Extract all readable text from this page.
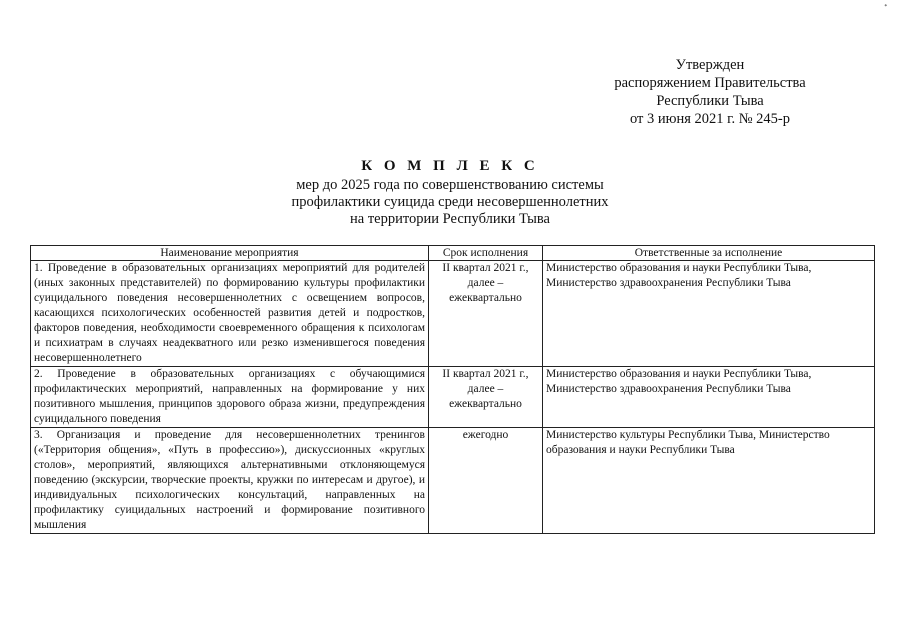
ᐩ
Утвержден
распоряжением Правительства
Республики Тыва
от 3 июня 2021 г. № 245-р
К О М П Л Е К С
мер до 2025 года по совершенствованию системы
профилактики суицида среди несовершеннолетних
на территории Республики Тыва
Наименование мероприятия	Срок исполнения	Ответственные за исполнение
1. Проведение в образовательных организациях мероприятий для родителей (иных законных представителей) по формированию культуры профилактики суицидального поведения несовершеннолетних с освещением вопросов, касающихся психологических особенностей развития детей и подростков, факторов поведения, необходимости своевременного обращения к психологам и психиатрам в случаях неадекватного или резко изменившегося поведения несовершеннолетнего	II квартал 2021 г., далее – ежеквартально	Министерство образования и науки Республики Тыва, Министерство здравоохранения Республики Тыва
2. Проведение в образовательных организациях с обучающимися профилактических мероприятий, направленных на формирование у них позитивного мышления, принципов здорового образа жизни, предупреждения суицидального поведения	II квартал 2021 г., далее – ежеквартально	Министерство образования и науки Республики Тыва, Министерство здравоохранения Республики Тыва
3. Организация и проведение для несовершеннолетних тренингов («Территория общения», «Путь в профессию»), дискуссионных «круглых столов», мероприятий, являющихся альтернативными отклоняющемуся поведению (экскурсии, творческие проекты, кружки по интересам и другое), и индивидуальных психологических консультаций, направленных на профилактику суицидальных настроений и формирование позитивного мышления	ежегодно	Министерство культуры Республики Тыва, Министерство образования и науки Республики Тыва
